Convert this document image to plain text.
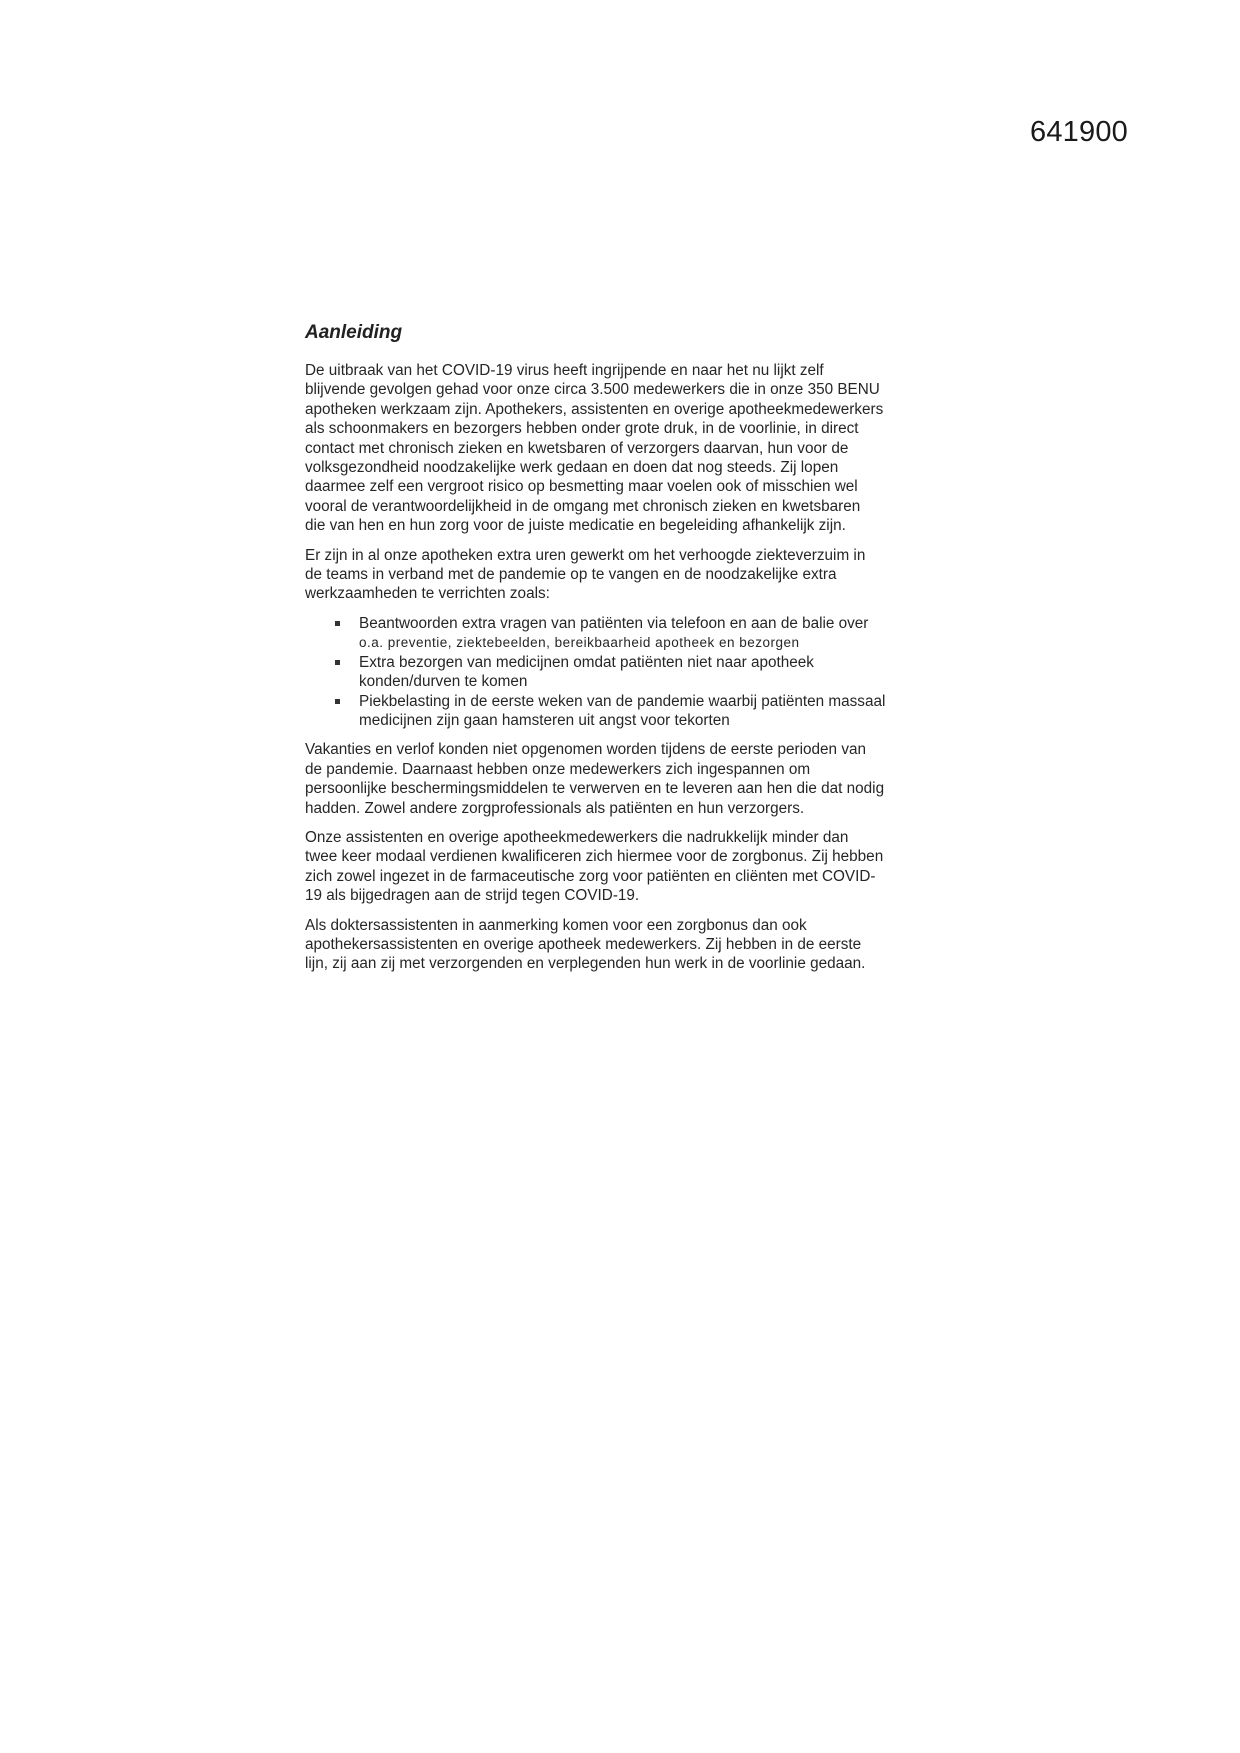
641900
Aanleiding

De uitbraak van het COVID-19 virus heeft ingrijpende en naar het nu lijkt zelf
blijvende gevolgen gehad voor onze circa 3.500 medewerkers die in onze 350 BENU
apotheken werkzaam zijn. Apothekers, assistenten en overige apotheekmedewerkers
als schoonmakers en bezorgers hebben onder grote druk, in de voorlinie, in direct
contact met chronisch zieken en kwetsbaren of verzorgers daarvan, hun voor de
volksgezondheid noodzakelijke werk gedaan en doen dat nog steeds. Zij lopen
daarmee zelf een vergroot risico op besmetting maar voelen ook of misschien wel
vooral de verantwoordelijkheid in de omgang met chronisch zieken en kwetsbaren
die van hen en hun zorg voor de juiste medicatie en begeleiding afhankelijk zijn.

Er zijn in al onze apotheken extra uren gewerkt om het verhoogde ziekteverzuim in
de teams in verband met de pandemie op te vangen en de noodzakelijke extra
werkzaamheden te verrichten zoals:

Beantwoorden extra vragen van patiënten via telefoon en aan de balie over
o.a. preventie, ziektebeelden, bereikbaarheid apotheek en bezorgen
Extra bezorgen van medicijnen omdat patiënten niet naar apotheek
konden/durven te komen
Piekbelasting in de eerste weken van de pandemie waarbij patiënten massaal
medicijnen zijn gaan hamsteren uit angst voor tekorten

Vakanties en verlof konden niet opgenomen worden tijdens de eerste perioden van
de pandemie. Daarnaast hebben onze medewerkers zich ingespannen om
persoonlijke beschermingsmiddelen te verwerven en te leveren aan hen die dat nodig
hadden. Zowel andere zorgprofessionals als patiënten en hun verzorgers.

Onze assistenten en overige apotheekmedewerkers die nadrukkelijk minder dan
twee keer modaal verdienen kwalificeren zich hiermee voor de zorgbonus. Zij hebben
zich zowel ingezet in de farmaceutische zorg voor patiënten en cliënten met COVID-
19 als bijgedragen aan de strijd tegen COVID-19.

Als doktersassistenten in aanmerking komen voor een zorgbonus dan ook
apothekersassistenten en overige apotheek medewerkers. Zij hebben in de eerste
lijn, zij aan zij met verzorgenden en verplegenden hun werk in de voorlinie gedaan.
